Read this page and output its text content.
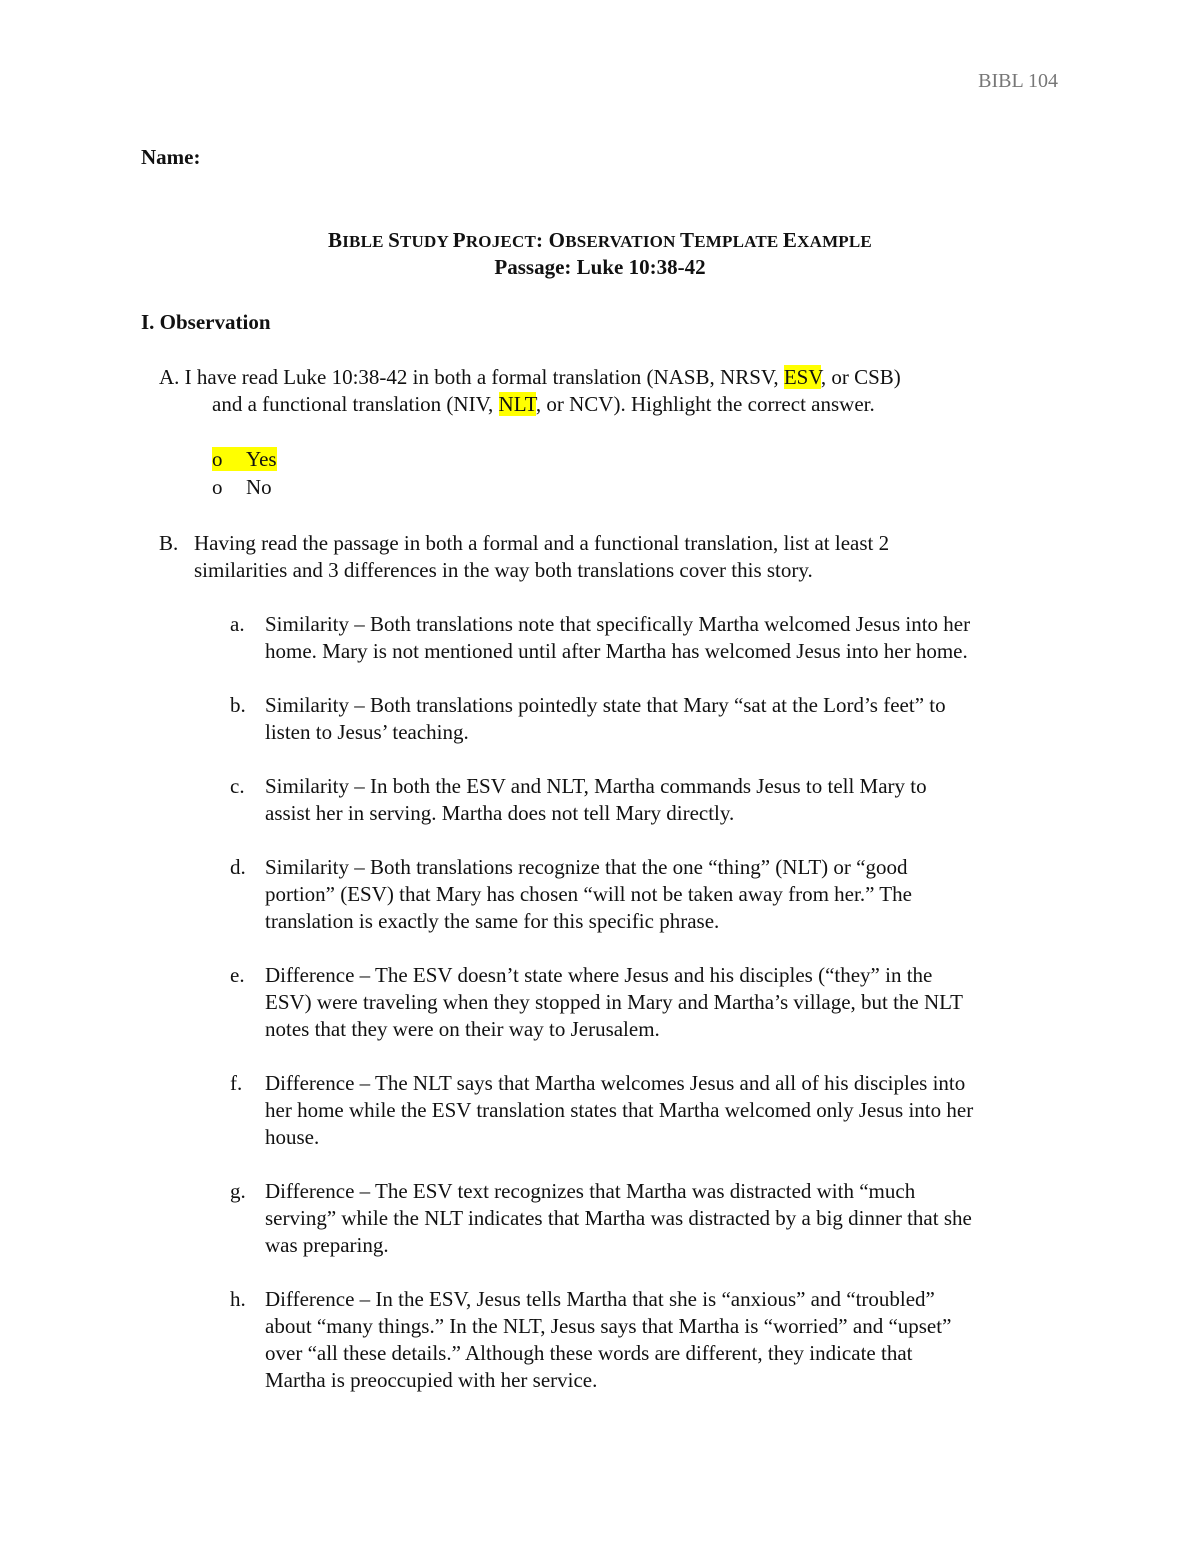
BIBL 104
Name:
BIBLE STUDY PROJECT: OBSERVATION TEMPLATE EXAMPLE
Passage: Luke 10:38-42
I. Observation
A. I have read Luke 10:38-42 in both a formal translation (NASB, NRSV, ESV, or CSB)
and a functional translation (NIV, NLT, or NCV). Highlight the correct answer.
o Yes
o No
B. Having read the passage in both a formal and a functional translation, list at least 2
similarities and 3 differences in the way both translations cover this story.
a. Similarity – Both translations note that specifically Martha welcomed Jesus into her
home. Mary is not mentioned until after Martha has welcomed Jesus into her home.
b. Similarity – Both translations pointedly state that Mary “sat at the Lord’s feet” to
listen to Jesus’ teaching.
c. Similarity – In both the ESV and NLT, Martha commands Jesus to tell Mary to
assist her in serving. Martha does not tell Mary directly.
d. Similarity – Both translations recognize that the one “thing” (NLT) or “good
portion” (ESV) that Mary has chosen “will not be taken away from her.” The
translation is exactly the same for this specific phrase.
e. Difference – The ESV doesn’t state where Jesus and his disciples (“they” in the
ESV) were traveling when they stopped in Mary and Martha’s village, but the NLT
notes that they were on their way to Jerusalem.
f. Difference – The NLT says that Martha welcomes Jesus and all of his disciples into
her home while the ESV translation states that Martha welcomed only Jesus into her
house.
g. Difference – The ESV text recognizes that Martha was distracted with “much
serving” while the NLT indicates that Martha was distracted by a big dinner that she
was preparing.
h. Difference – In the ESV, Jesus tells Martha that she is “anxious” and “troubled”
about “many things.” In the NLT, Jesus says that Martha is “worried” and “upset”
over “all these details.” Although these words are different, they indicate that
Martha is preoccupied with her service.
